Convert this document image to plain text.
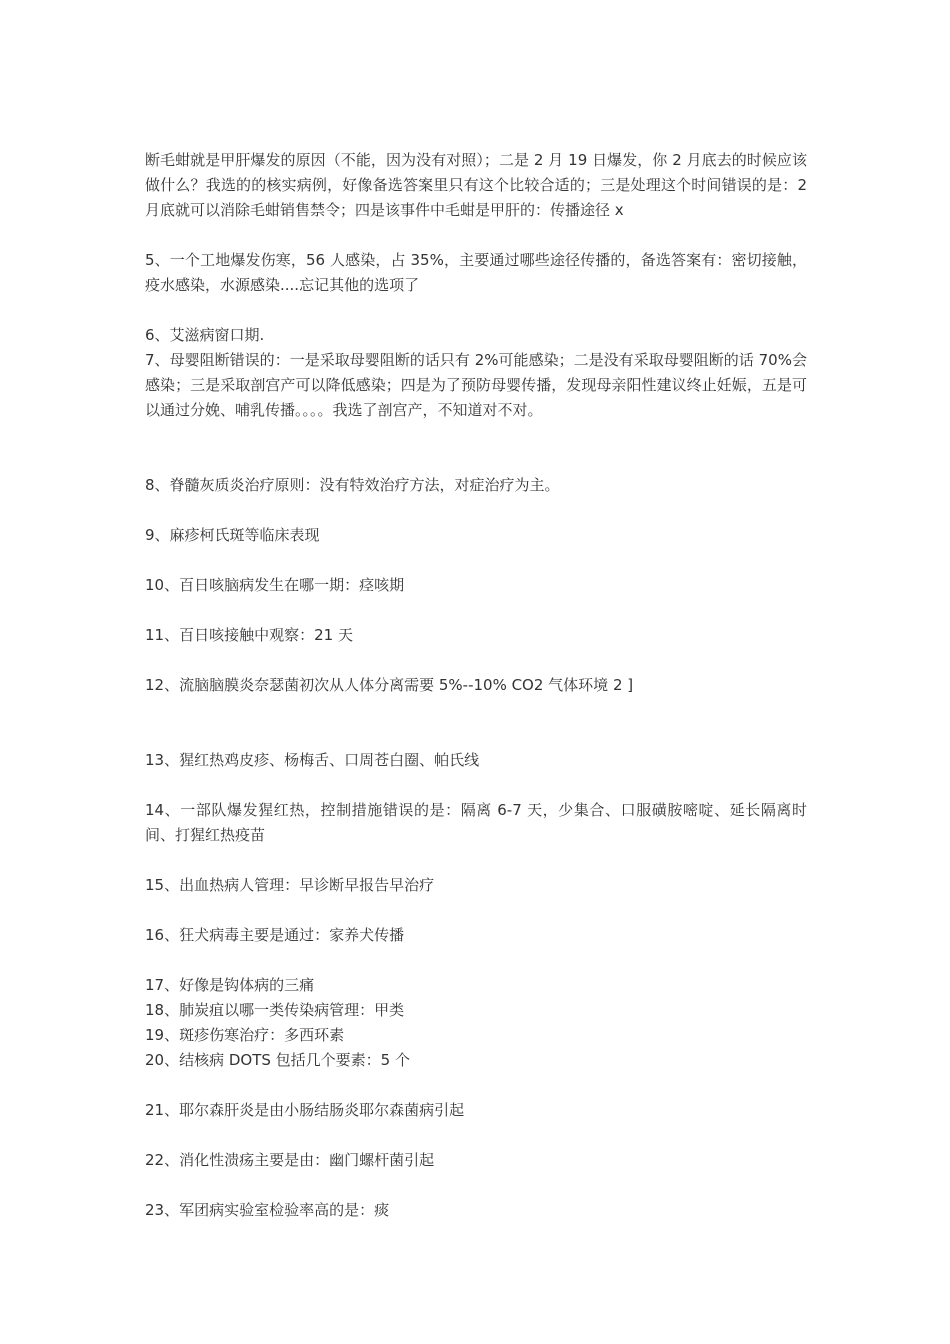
断毛蚶就是甲肝爆发的原因（不能，因为没有对照）；二是 2 月 19 日爆发，你 2 月底去的时候应该做什么？我选的的核实病例，好像备选答案里只有这个比较合适的；三是处理这个时间错误的是：2 月底就可以消除毛蚶销售禁令；四是该事件中毛蚶是甲肝的：传播途径 x

5、一个工地爆发伤寒，56 人感染，占 35%，主要通过哪些途径传播的，备选答案有：密切接触，疫水感染，水源感染....忘记其他的选项了

6、艾滋病窗口期.

7、母婴阻断错误的：一是采取母婴阻断的话只有 2%可能感染；二是没有采取母婴阻断的话 70%会感染；三是采取剖宫产可以降低感染；四是为了预防母婴传播，发现母亲阳性建议终止妊娠，五是可以通过分娩、哺乳传播。。。。我选了剖宫产，不知道对不对。

8、脊髓灰质炎治疗原则：没有特效治疗方法，对症治疗为主。

9、麻疹柯氏斑等临床表现

10、百日咳脑病发生在哪一期：痉咳期

11、百日咳接触中观察：21 天

12、流脑脑膜炎奈瑟菌初次从人体分离需要 5%--10% CO2 气体环境 2 ]

13、猩红热鸡皮疹、杨梅舌、口周苍白圈、帕氏线

14、一部队爆发猩红热，控制措施错误的是：隔离 6-7 天，少集合、口服磺胺嘧啶、延长隔离时间、打猩红热疫苗

15、出血热病人管理：早诊断早报告早治疗

16、狂犬病毒主要是通过：家养犬传播

17、好像是钩体病的三痛

18、肺炭疽以哪一类传染病管理：甲类

19、斑疹伤寒治疗：多西环素

20、结核病 DOTS 包括几个要素：5 个

21、耶尔森肝炎是由小肠结肠炎耶尔森菌病引起

22、消化性溃疡主要是由：幽门螺杆菌引起

23、军团病实验室检验率高的是：痰
